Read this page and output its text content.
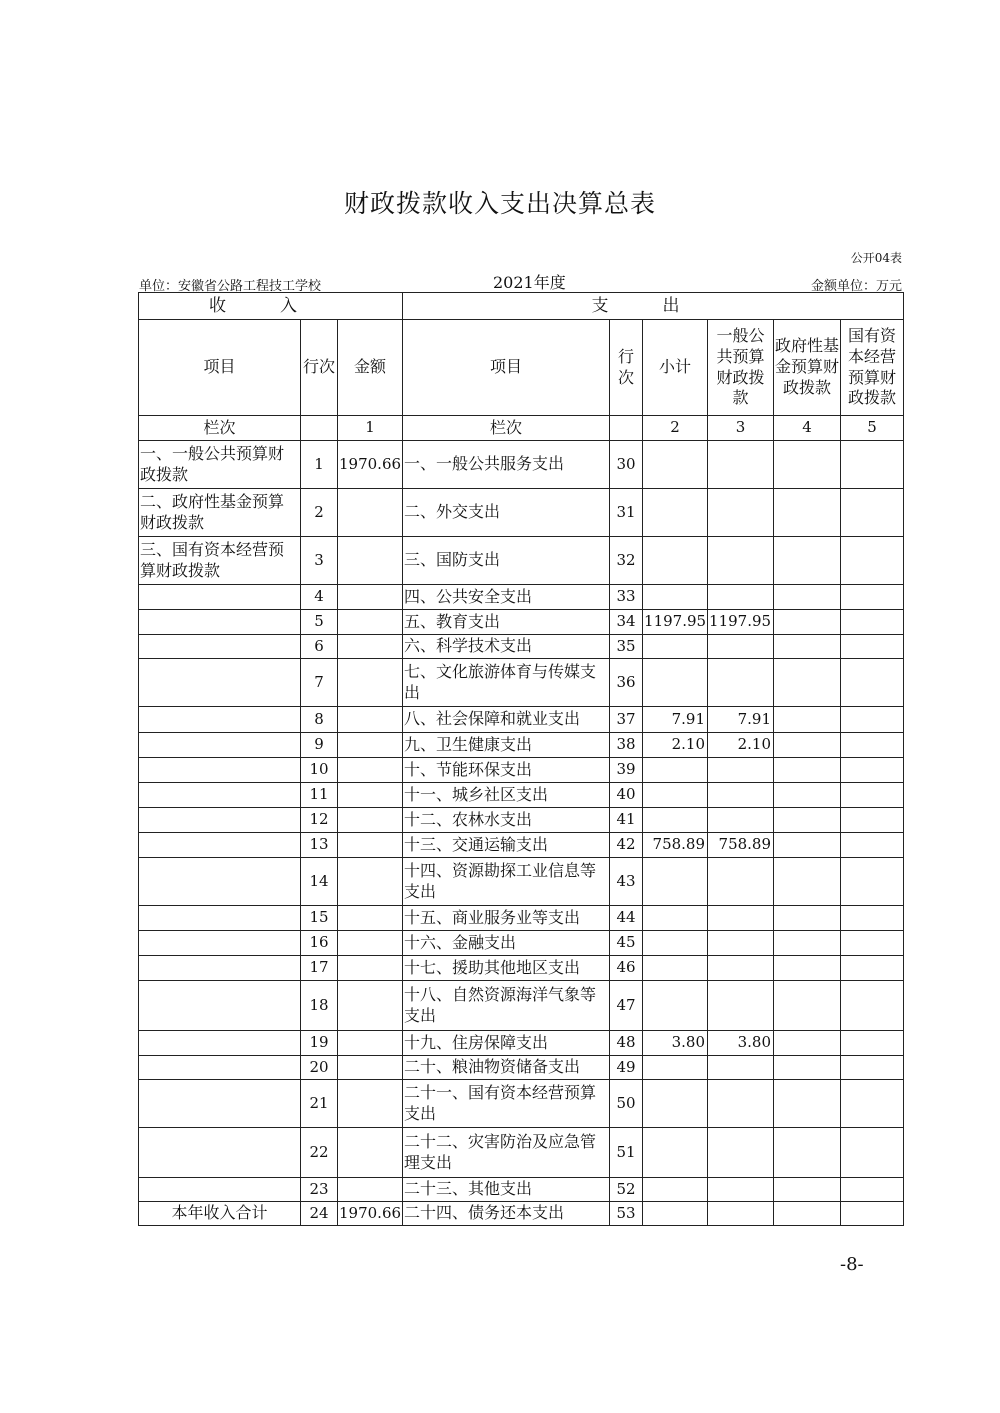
财政拨款收入支出决算总表
公开04表
单位：安徽省公路工程技工学校	2021年度	金额单位：万元
收入			支出					
项目	行次	金额	项目	行次	小计	一般公共预算财政拨款	政府性基金预算财政拨款	国有资本经营预算财政拨款
栏次		1	栏次		2	3	4	5
一、一般公共预算财政拨款	1	1970.66	一、一般公共服务支出	30				
二、政府性基金预算财政拨款	2		二、外交支出	31				
三、国有资本经营预算财政拨款	3		三、国防支出	32				
	4		四、公共安全支出	33				
	5		五、教育支出	34	1197.95	1197.95		
	6		六、科学技术支出	35				
	7		七、文化旅游体育与传媒支出	36				
	8		八、社会保障和就业支出	37	7.91	7.91		
	9		九、卫生健康支出	38	2.10	2.10		
	10		十、节能环保支出	39				
	11		十一、城乡社区支出	40				
	12		十二、农林水支出	41				
	13		十三、交通运输支出	42	758.89	758.89		
	14		十四、资源勘探工业信息等支出	43				
	15		十五、商业服务业等支出	44				
	16		十六、金融支出	45				
	17		十七、援助其他地区支出	46				
	18		十八、自然资源海洋气象等支出	47				
	19		十九、住房保障支出	48	3.80	3.80		
	20		二十、粮油物资储备支出	49				
	21		二十一、国有资本经营预算支出	50				
	22		二十二、灾害防治及应急管理支出	51				
	23		二十三、其他支出	52				
本年收入合计	24	1970.66	二十四、债务还本支出	53				
-8-
